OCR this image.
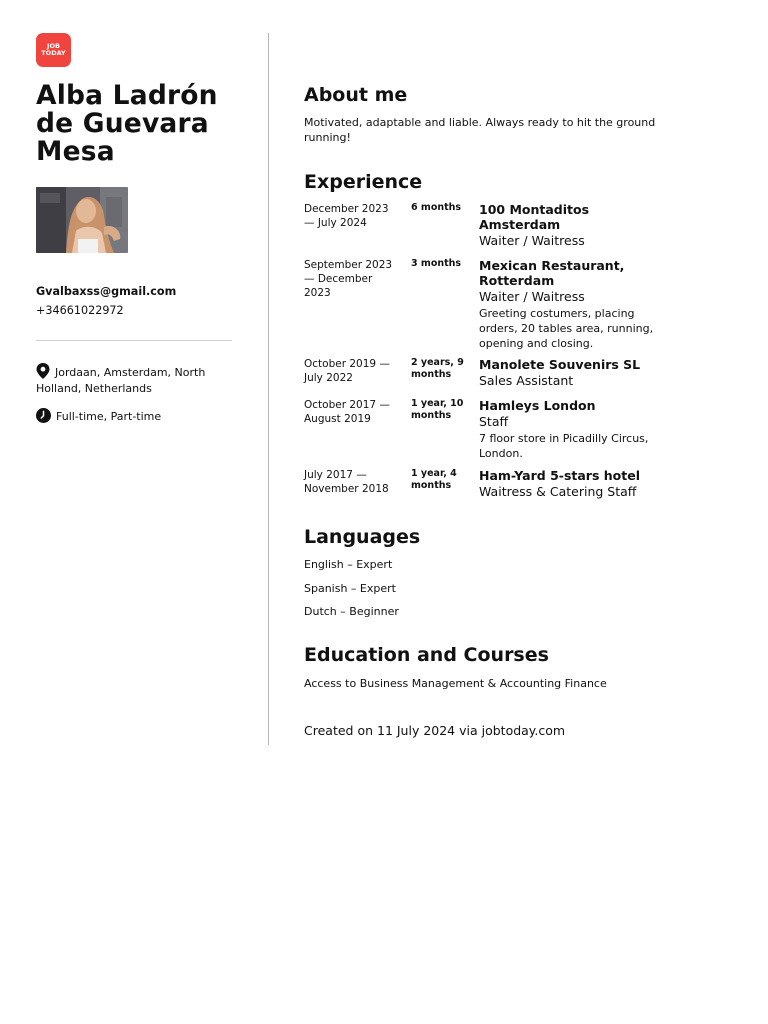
JOB
TODAY
Alba Ladrón de Guevara Mesa
Gvalbaxss@gmail.com
+34661022972
Jordaan, Amsterdam, North Holland, Netherlands
Full-time, Part-time
About me
Motivated, adaptable and liable. Always ready to hit the ground running!
Experience
December 2023 — July 2024
6 months	100 Montaditos Amsterdam
Waiter / Waitress
September 2023 — December 2023
3 months	Mexican Restaurant, Rotterdam
Waiter / Waitress
Greeting costumers, placing orders, 20 tables area, running, opening and closing.
October 2019 — July 2022
2 years, 9 months
Manolete Souvenirs SL
Sales Assistant
October 2017 — August 2019
1 year, 10 months
Hamleys London
Staff
7 floor store in Picadilly Circus, London.
July 2017 — November 2018
1 year, 4 months
Ham-Yard 5-stars hotel
Waitress & Catering Staff
Languages
English – Expert
Spanish – Expert
Dutch – Beginner
Education and Courses
Access to Business Management & Accounting Finance
Created on 11 July 2024 via jobtoday.com
